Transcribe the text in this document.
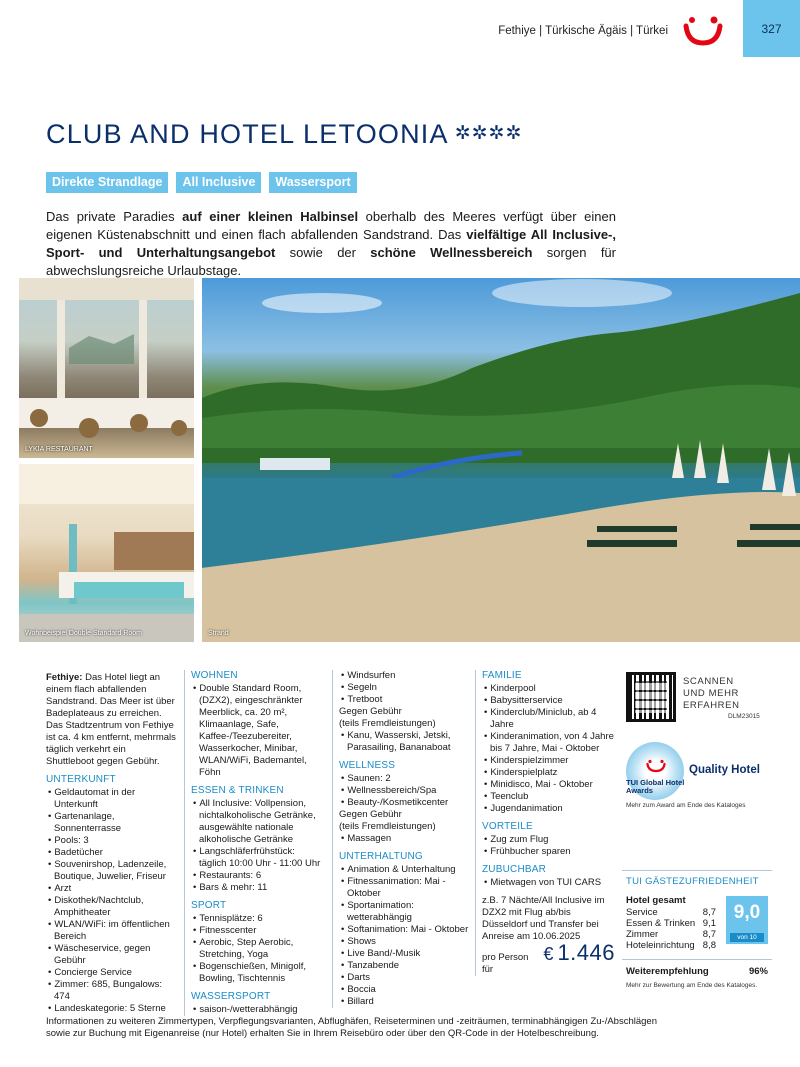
Fethiye | Türkische Ägäis | Türkei	327
CLUB AND HOTEL LETOONIA ✲✲✲✲
Direkte Strandlage	All Inclusive	Wassersport

Das private Paradies auf einer kleinen Halbinsel oberhalb des Meeres verfügt über einen eigenen Küstenabschnitt und einen flach abfallenden Sandstrand. Das vielfältige All Inclusive-, Sport- und Unterhaltungsangebot sowie der schöne Wellnessbereich sorgen für abwechslungsreiche Urlaubstage.

LYKIA RESTAURANT
Wohnbeispiel Double Standard Room	Strand

Fethiye: Das Hotel liegt an einem flach abfallenden Sandstrand. Das Meer ist über Badeplateaus zu erreichen. Das Stadtzentrum von Fethiye ist ca. 4 km entfernt, mehrmals täglich verkehrt ein Shuttleboot gegen Gebühr.

UNTERKUNFT
• Geldautomat in der Unterkunft
• Gartenanlage, Sonnenterrasse
• Pools: 3
• Badetücher
• Souvenirshop, Ladenzeile, Boutique, Juwelier, Friseur
• Arzt
• Diskothek/Nachtclub, Amphitheater
• WLAN/WiFi: im öffentlichen Bereich
• Wäscheservice, gegen Gebühr
• Concierge Service
• Zimmer: 685, Bungalows: 474
• Landeskategorie: 5 Sterne
WOHNEN
• Double Standard Room, (DZX2), eingeschränkter Meerblick, ca. 20 m², Klimaanlage, Safe, Kaffee-/Teezubereiter, Wasserkocher, Minibar, WLAN/WiFi, Bademantel, Föhn
ESSEN & TRINKEN
• All Inclusive: Vollpension, nichtalkoholische Getränke, ausgewählte nationale alkoholische Getränke
• Langschläferfrühstück: täglich 10:00 Uhr - 11:00 Uhr
• Restaurants: 6
• Bars & mehr: 11
SPORT
• Tennisplätze: 6
• Fitnesscenter
• Aerobic, Step Aerobic, Stretching, Yoga
• Bogenschießen, Minigolf, Bowling, Tischtennis
WASSERSPORT
• saison-/wetterabhängig
• Windsurfen
• Segeln
• Tretboot
Gegen Gebühr
(teils Fremdleistungen)
• Kanu, Wasserski, Jetski, Parasailing, Bananaboat
WELLNESS
• Saunen: 2
• Wellnessbereich/Spa
• Beauty-/Kosmetikcenter
Gegen Gebühr
(teils Fremdleistungen)
• Massagen
UNTERHALTUNG
• Animation & Unterhaltung
• Fitnessanimation: Mai - Oktober
• Sportanimation: wetterabhängig
• Softanimation: Mai - Oktober
• Shows
• Live Band/-Musik
• Tanzabende
• Darts
• Boccia
• Billard
FAMILIE
• Kinderpool
• Babysitterservice
• Kinderclub/Miniclub, ab 4 Jahre
• Kinderanimation, von 4 Jahre bis 7 Jahre, Mai - Oktober
• Kinderspielzimmer
• Kinderspielplatz
• Minidisco, Mai - Oktober
• Teenclub
• Jugendanimation
VORTEILE
• Zug zum Flug
• Frühbucher sparen
ZUBUCHBAR
• Mietwagen von TUI CARS

z.B. 7 Nächte/All Inclusive im DZX2 mit Flug ab/bis Düsseldorf und Transfer bei Anreise am 10.06.2025

pro Person für
€ 1.446
SCANNEN
UND MEHR
ERFAHREN
DLM23015
TUI Global Hotel Awards
Quality Hotel
Mehr zum Award am Ende des Kataloges
TUI GÄSTEZUFRIEDENHEIT
Hotel gesamt
Service	8,7
Essen & Trinken 9,1
Zimmer	8,7
Hoteleinrichtung 8,8
9,0
von 10
Weiterempfehlung	96%
Mehr zur Bewertung am Ende des Kataloges.

Informationen zu weiteren Zimmertypen, Verpflegungsvarianten, Abflughäfen, Reiseterminen und -zeiträumen, terminabhängigen Zu-/Abschlägen sowie zur Buchung mit Eigenanreise (nur Hotel) erhalten Sie in Ihrem Reisebüro oder über den QR-Code in der Hotelbeschreibung.
